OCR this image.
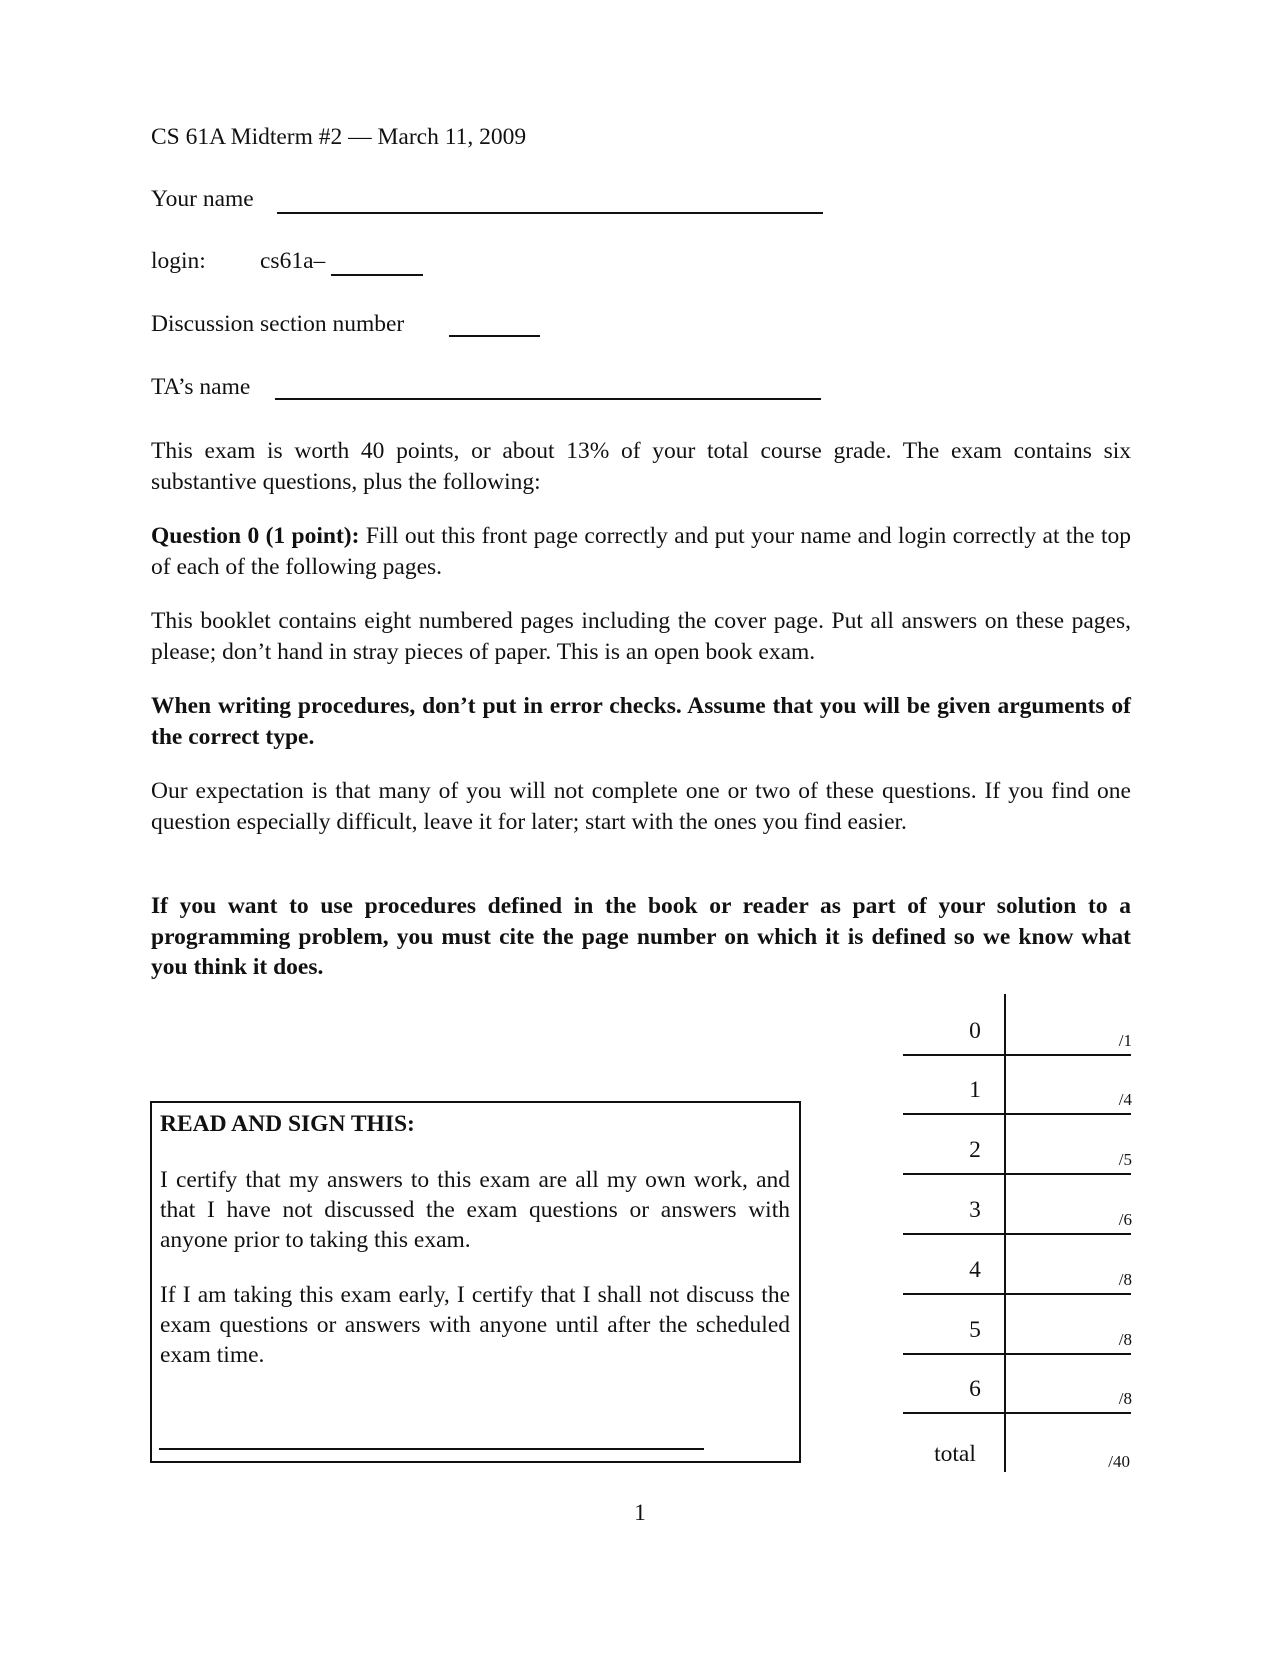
CS 61A Midterm #2 — March 11, 2009
Your name
login: cs61a–
Discussion section number
TA’s name
This exam is worth 40 points, or about 13% of your total course grade. The exam contains six substantive questions, plus the following:
Question 0 (1 point): Fill out this front page correctly and put your name and login correctly at the top of each of the following pages.
This booklet contains eight numbered pages including the cover page. Put all answers on these pages, please; don’t hand in stray pieces of paper. This is an open book exam.
When writing procedures, don’t put in error checks. Assume that you will be given arguments of the correct type.
Our expectation is that many of you will not complete one or two of these questions. If you find one question especially difficult, leave it for later; start with the ones you find easier.
If you want to use procedures defined in the book or reader as part of your solution to a programming problem, you must cite the page number on which it is defined so we know what you think it does.
READ AND SIGN THIS:
I certify that my answers to this exam are all my own work, and that I have not discussed the exam questions or answers with anyone prior to taking this exam.
If I am taking this exam early, I certify that I shall not discuss the exam questions or answers with anyone until after the scheduled exam time.
0	/1
1	/4
2	/5
3	/6
4	/8
5	/8
6	/8
total	/40
1
